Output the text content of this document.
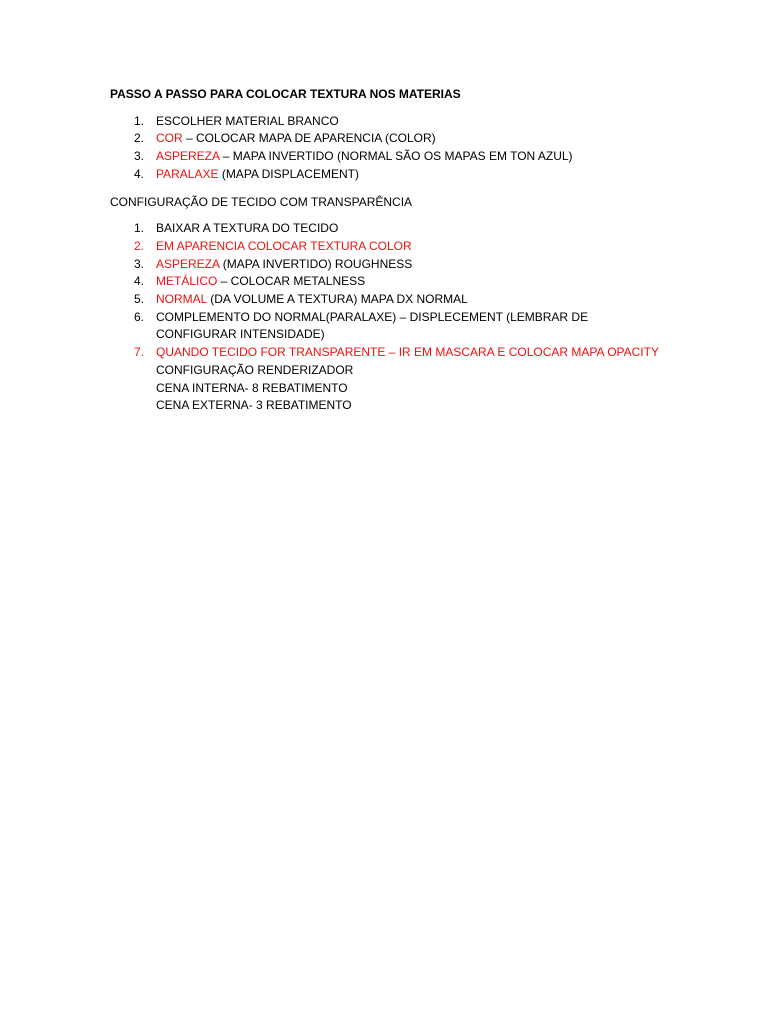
PASSO A PASSO PARA COLOCAR TEXTURA NOS MATERIAS
1.	ESCOLHER MATERIAL BRANCO
2.	COR – COLOCAR MAPA DE APARENCIA (COLOR)
3.	ASPEREZA – MAPA INVERTIDO (NORMAL SÃO OS MAPAS EM TON AZUL)
4.	PARALAXE (MAPA DISPLACEMENT)
CONFIGURAÇÃO DE TECIDO COM TRANSPARÊNCIA
1.	BAIXAR A TEXTURA DO TECIDO
2.	EM APARENCIA COLOCAR TEXTURA COLOR
3.	ASPEREZA (MAPA INVERTIDO) ROUGHNESS
4.	METÁLICO – COLOCAR METALNESS
5.	NORMAL (DA VOLUME A TEXTURA) MAPA DX NORMAL
6.	COMPLEMENTO DO NORMAL(PARALAXE) – DISPLECEMENT (LEMBRAR DE CONFIGURAR INTENSIDADE)
7.	QUANDO TECIDO FOR TRANSPARENTE – IR EM MASCARA E COLOCAR MAPA OPACITY
CONFIGURAÇÃO RENDERIZADOR
CENA INTERNA- 8 REBATIMENTO
CENA EXTERNA- 3 REBATIMENTO
